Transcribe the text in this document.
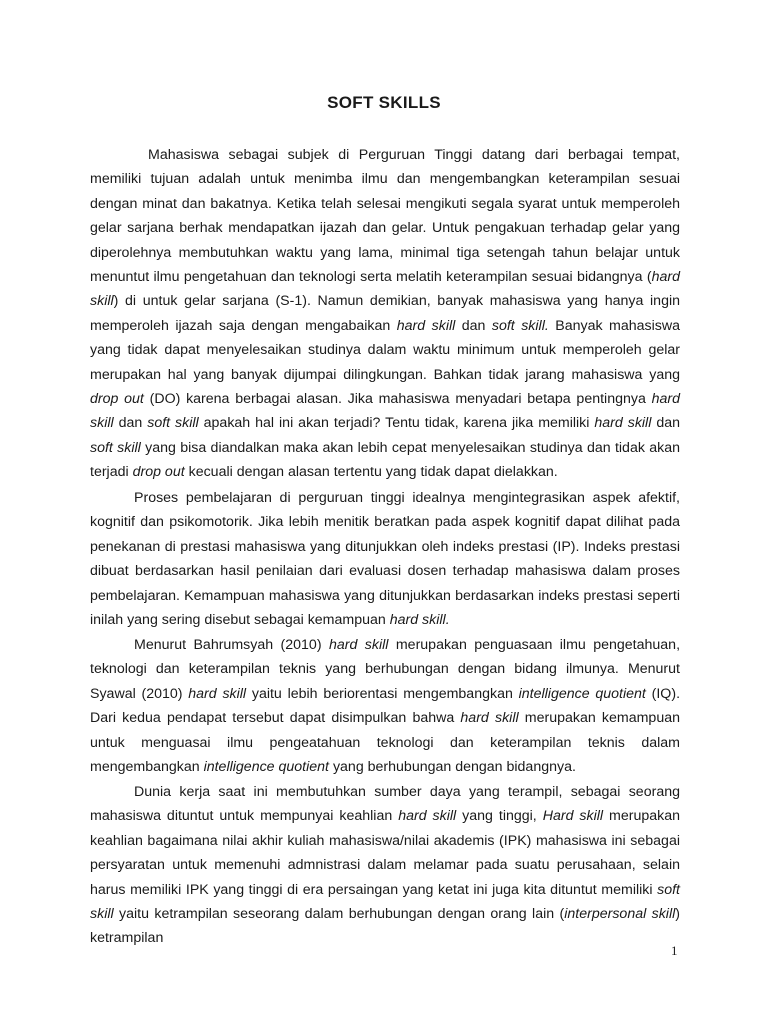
SOFT SKILLS

Mahasiswa sebagai subjek di Perguruan Tinggi datang dari berbagai tempat, memiliki tujuan adalah untuk menimba ilmu dan mengembangkan keterampilan sesuai dengan minat dan bakatnya. Ketika telah selesai mengikuti segala syarat untuk memperoleh gelar sarjana berhak mendapatkan ijazah dan gelar. Untuk pengakuan terhadap gelar yang diperolehnya membutuhkan waktu yang lama, minimal tiga setengah tahun belajar untuk menuntut ilmu pengetahuan dan teknologi serta melatih keterampilan sesuai bidangnya (hard skill) di untuk gelar sarjana (S-1). Namun demikian, banyak mahasiswa yang hanya ingin memperoleh ijazah saja dengan mengabaikan hard skill dan soft skill. Banyak mahasiswa yang tidak dapat menyelesaikan studinya dalam waktu minimum untuk memperoleh gelar merupakan hal yang banyak dijumpai dilingkungan. Bahkan tidak jarang mahasiswa yang drop out (DO) karena berbagai alasan. Jika mahasiswa menyadari betapa pentingnya hard skill dan soft skill apakah hal ini akan terjadi? Tentu tidak, karena jika memiliki hard skill dan soft skill yang bisa diandalkan maka akan lebih cepat menyelesaikan studinya dan tidak akan terjadi drop out kecuali dengan alasan tertentu yang tidak dapat dielakkan.

Proses pembelajaran di perguruan tinggi idealnya mengintegrasikan aspek afektif, kognitif dan psikomotorik. Jika lebih menitik beratkan pada aspek kognitif dapat dilihat pada penekanan di prestasi mahasiswa yang ditunjukkan oleh indeks prestasi (IP). Indeks prestasi dibuat berdasarkan hasil penilaian dari evaluasi dosen terhadap mahasiswa dalam proses pembelajaran. Kemampuan mahasiswa yang ditunjukkan berdasarkan indeks prestasi seperti inilah yang sering disebut sebagai kemampuan hard skill.

Menurut Bahrumsyah (2010) hard skill merupakan penguasaan ilmu pengetahuan, teknologi dan keterampilan teknis yang berhubungan dengan bidang ilmunya. Menurut Syawal (2010) hard skill yaitu lebih beriorentasi mengembangkan intelligence quotient (IQ). Dari kedua pendapat tersebut dapat disimpulkan bahwa hard skill merupakan kemampuan untuk menguasai ilmu pengeatahuan teknologi dan keterampilan teknis dalam mengembangkan intelligence quotient yang berhubungan dengan bidangnya.

Dunia kerja saat ini membutuhkan sumber daya yang terampil, sebagai seorang mahasiswa dituntut untuk mempunyai keahlian hard skill yang tinggi, Hard skill merupakan keahlian bagaimana nilai akhir kuliah mahasiswa/nilai akademis (IPK) mahasiswa ini sebagai persyaratan untuk memenuhi admnistrasi dalam melamar pada suatu perusahaan, selain harus memiliki IPK yang tinggi di era persaingan yang ketat ini juga kita dituntut memiliki soft skill yaitu ketrampilan seseorang dalam berhubungan dengan orang lain (interpersonal skill) ketrampilan

1
